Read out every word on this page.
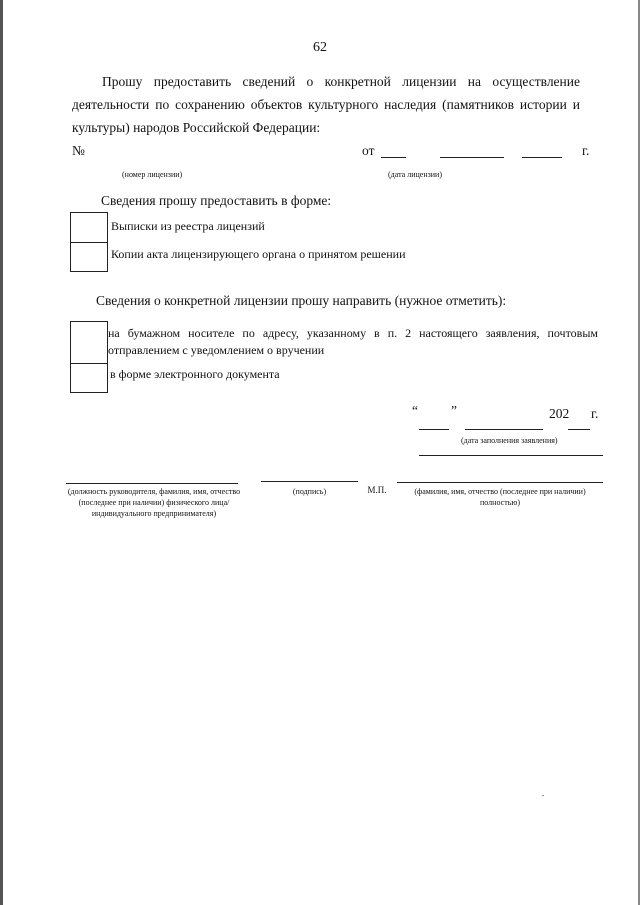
62
Прошу предоставить сведений о конкретной лицензии на осуществление деятельности по сохранению объектов культурного наследия (памятников истории и культуры) народов Российской Федерации:
№	от	г.
(номер лицензии)	(дата лицензии)
Сведения прошу предоставить в форме:
Выписки из реестра лицензий
Копии акта лицензирующего органа о принятом решении
Сведения о конкретной лицензии прошу направить (нужное отметить):
на бумажном носителе по адресу, указанному в п. 2 настоящего заявления, почтовым отправлением с уведомлением о вручении
в форме электронного документа
“ ”	202 г.
(дата заполнения заявления)
(должность руководителя, фамилия, имя, отчество (последнее при наличии) физического лица/индивидуального предпринимателя)
(подпись)	М.П.	(фамилия, имя, отчество (последнее при наличии) полностью)
